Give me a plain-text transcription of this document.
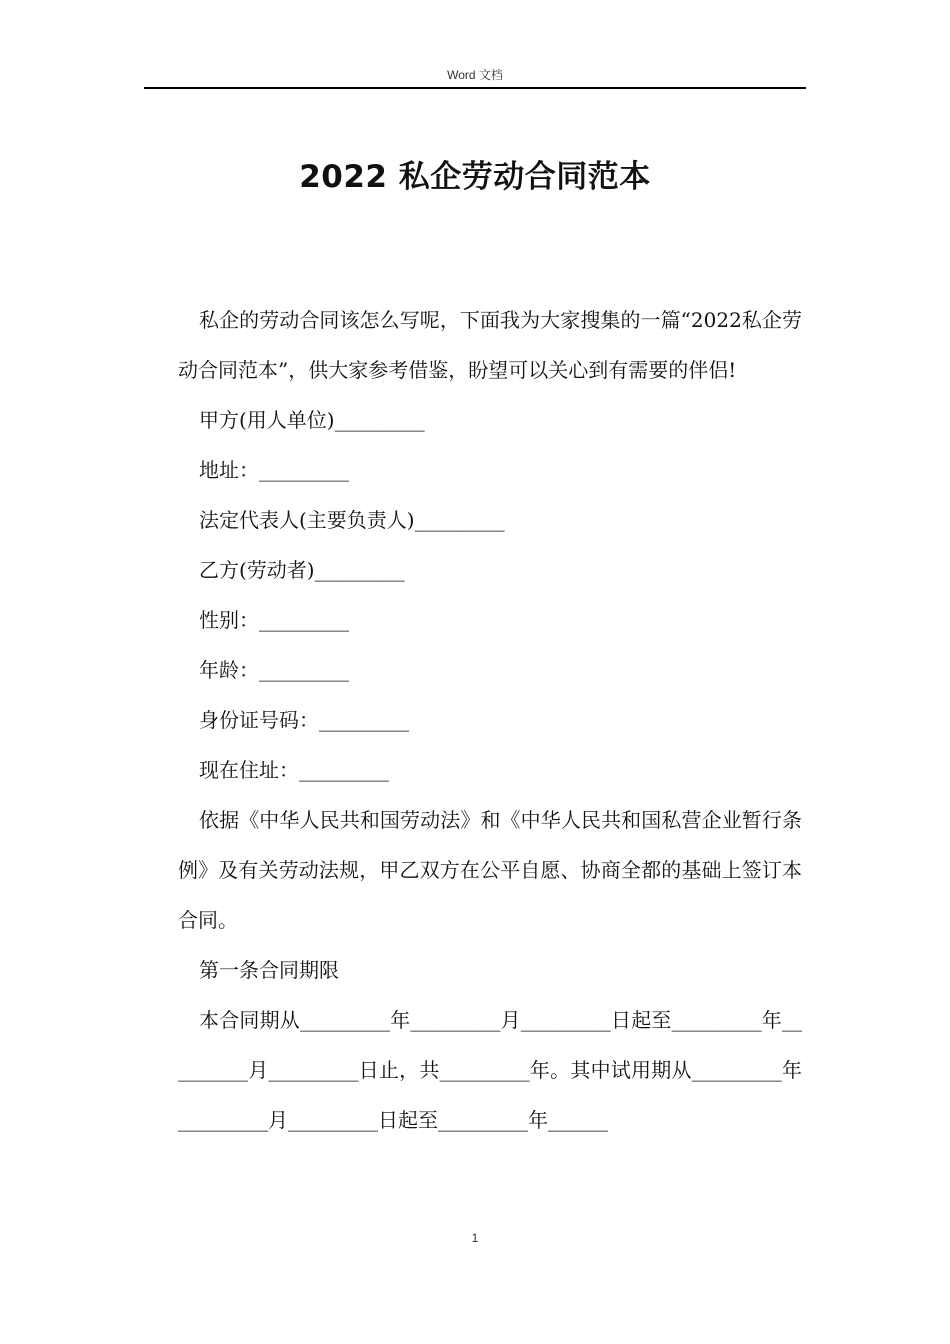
Word 文档
2022 私企劳动合同范本

私企的劳动合同该怎么写呢，下面我为大家搜集的一篇“2022私企劳动合同范本”，供大家参考借鉴，盼望可以关心到有需要的伴侣!

甲方(用人单位)_________

地址：_________

法定代表人(主要负责人)_________

乙方(劳动者)_________

性别：_________

年龄：_________

身份证号码：_________

现在住址：_________

依据《中华人民共和国劳动法》和《中华人民共和国私营企业暂行条例》及有关劳动法规，甲乙双方在公平自愿、协商全都的基础上签订本合同。

第一条合同期限

本合同期从_________年_________月_________日起至_________年_________月_________日止，共_________年。其中试用期从_________年_________月_________日起至_________年______

1
